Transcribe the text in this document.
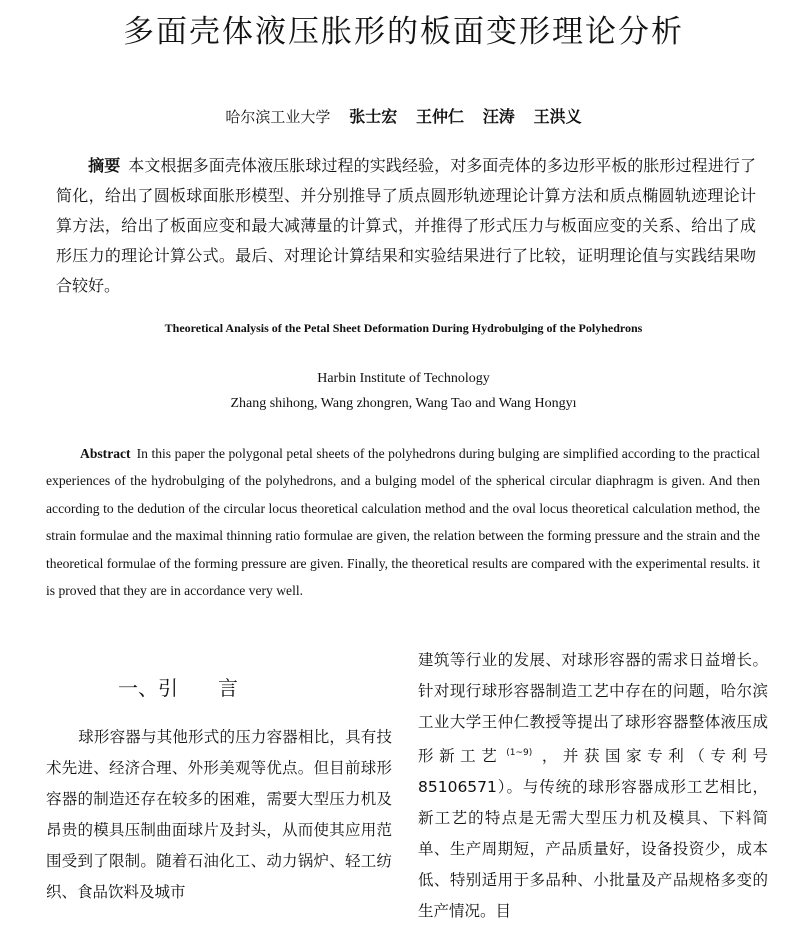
多面壳体液压胀形的板面变形理论分析
哈尔滨工业大学 张士宏 王仲仁 汪涛 王洪义
摘要 本文根据多面壳体液压胀球过程的实践经验，对多面壳体的多边形平板的胀形过程进行了简化，给出了圆板球面胀形模型、并分别推导了质点圆形轨迹理论计算方法和质点椭圆轨迹理论计算方法，给出了板面应变和最大减薄量的计算式，并推得了形式压力与板面应变的关系、给出了成形压力的理论计算公式。最后、对理论计算结果和实验结果进行了比较，证明理论值与实践结果吻合较好。
Theoretical Analysis of the Petal Sheet Deformation During Hydrobulging of the Polyhedrons
Harbin Institute of Technology
Zhang shihong, Wang zhongren, Wang Tao and Wang Hongyı
Abstract In this paper the polygonal petal sheets of the polyhedrons during bulging are simplified according to the practical experiences of the hydrobulging of the polyhedrons, and a bulging model of the spherical circular diaphragm is given. And then according to the dedution of the circular locus theoretical calculation method and the oval locus theoretical calculation method, the strain formulae and the maximal thinning ratio formulae are given, the relation between the forming pressure and the strain and the theoretical formulae of the forming pressure are given. Finally, the theoretical results are compared with the experimental results. it is proved that they are in accordance very well.
一、引　　言
球形容器与其他形式的压力容器相比，具有技术先进、经济合理、外形美观等优点。但目前球形容器的制造还存在较多的困难，需要大型压力机及昂贵的模具压制曲面球片及封头，从而使其应用范围受到了限制。随着石油化工、动力锅炉、轻工纺织、食品饮料及城市
建筑等行业的发展、对球形容器的需求日益增长。针对现行球形容器制造工艺中存在的问题，哈尔滨工业大学王仲仁教授等提出了球形容器整体液压成形新工艺 $^{(1\sim 9)}$ ，并获国家专利（专利号 85106571）。与传统的球形容器成形工艺相比，新工艺的特点是无需大型压力机及模具、下料简单、生产周期短，产品质量好，设备投资少，成本低、特别适用于多品种、小批量及产品规格多变的生产情况。目
